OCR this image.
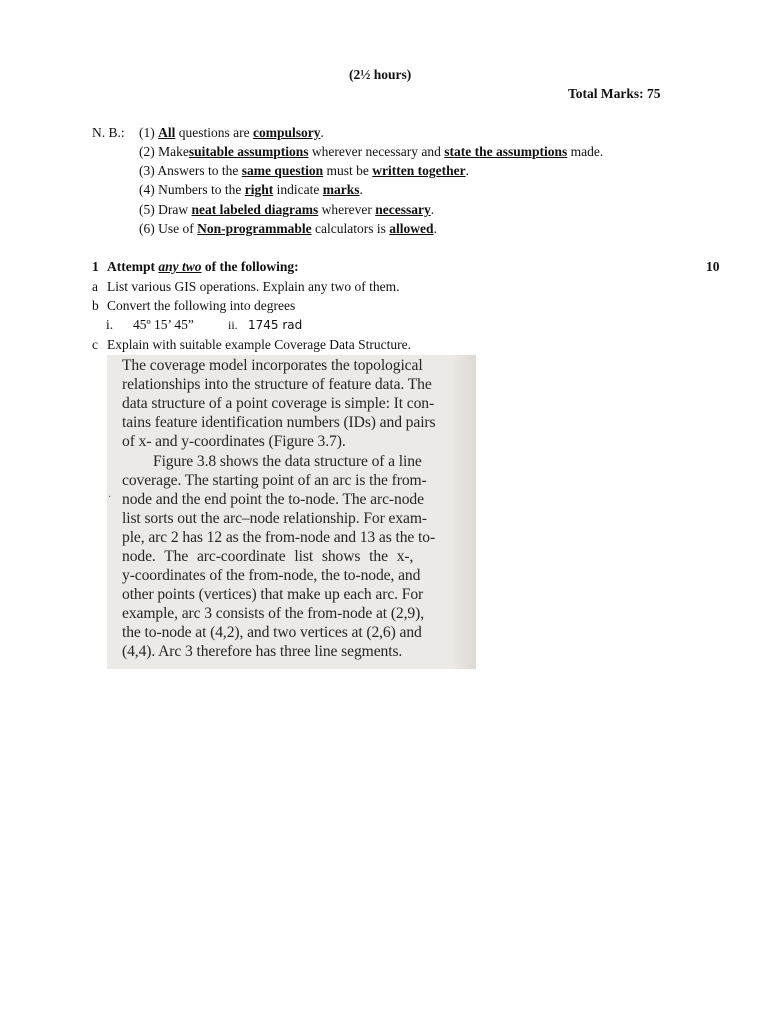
(2½ hours)
Total Marks: 75
N. B.: (1) All questions are compulsory.
(2) Makesuitable assumptions wherever necessary and state the assumptions made.
(3) Answers to the same question must be written together.
(4) Numbers to the right indicate marks.
(5) Draw neat labeled diagrams wherever necessary.
(6) Use of Non-programmable calculators is allowed.
1 Attempt any two of the following:	10
a List various GIS operations. Explain any two of them.
b Convert the following into degrees
i. 45º 15’ 45”	ii. 1745 rad
c Explain with suitable example Coverage Data Structure.
The coverage model incorporates the topological
relationships into the structure of feature data. The
data structure of a point coverage is simple: It con-
tains feature identification numbers (IDs) and pairs
of x- and y-coordinates (Figure 3.7).
Figure 3.8 shows the data structure of a line
coverage. The starting point of an arc is the from-
node and the end point the to-node. The arc-node
list sorts out the arc–node relationship. For exam-
ple, arc 2 has 12 as the from-node and 13 as the to-
node. The arc-coordinate list shows the x-,
y-coordinates of the from-node, the to-node, and
other points (vertices) that make up each arc. For
example, arc 3 consists of the from-node at (2,9),
the to-node at (4,2), and two vertices at (2,6) and
(4,4). Arc 3 therefore has three line segments.
·
